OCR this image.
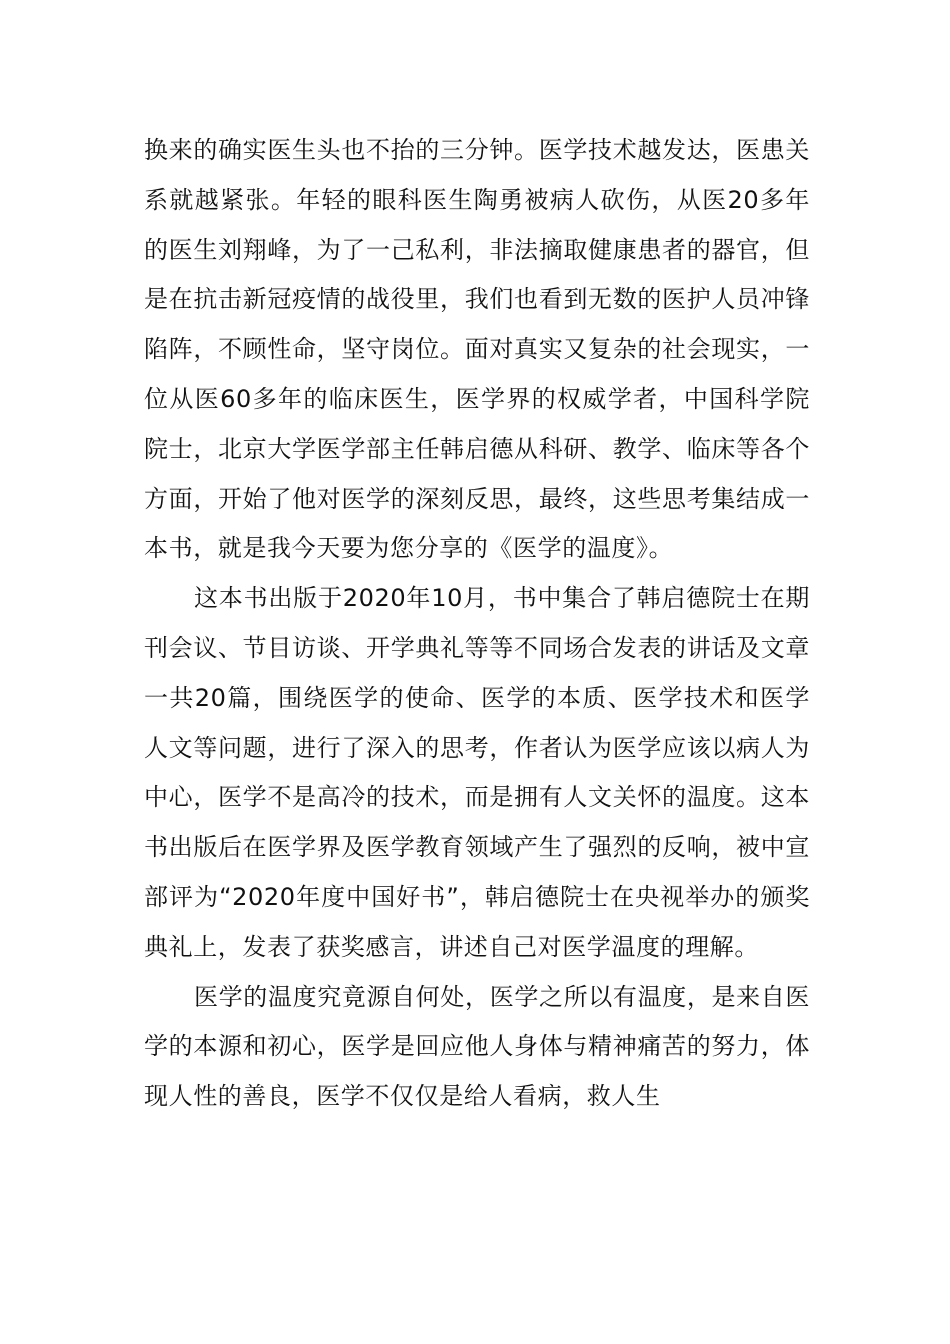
换来的确实医生头也不抬的三分钟。医学技术越发达，医患关系就越紧张。年轻的眼科医生陶勇被病人砍伤，从医20多年的医生刘翔峰，为了一己私利，非法摘取健康患者的器官，但是在抗击新冠疫情的战役里，我们也看到无数的医护人员冲锋陷阵，不顾性命，坚守岗位。面对真实又复杂的社会现实，一位从医60多年的临床医生，医学界的权威学者，中国科学院院士，北京大学医学部主任韩启德从科研、教学、临床等各个方面，开始了他对医学的深刻反思，最终，这些思考集结成一本书，就是我今天要为您分享的《医学的温度》。

这本书出版于2020年10月，书中集合了韩启德院士在期刊会议、节目访谈、开学典礼等等不同场合发表的讲话及文章一共20篇，围绕医学的使命、医学的本质、医学技术和医学人文等问题，进行了深入的思考，作者认为医学应该以病人为中心，医学不是高冷的技术，而是拥有人文关怀的温度。这本书出版后在医学界及医学教育领域产生了强烈的反响，被中宣部评为“2020年度中国好书”，韩启德院士在央视举办的颁奖典礼上，发表了获奖感言，讲述自己对医学温度的理解。

医学的温度究竟源自何处，医学之所以有温度，是来自医学的本源和初心，医学是回应他人身体与精神痛苦的努力，体现人性的善良，医学不仅仅是给人看病，救人生
